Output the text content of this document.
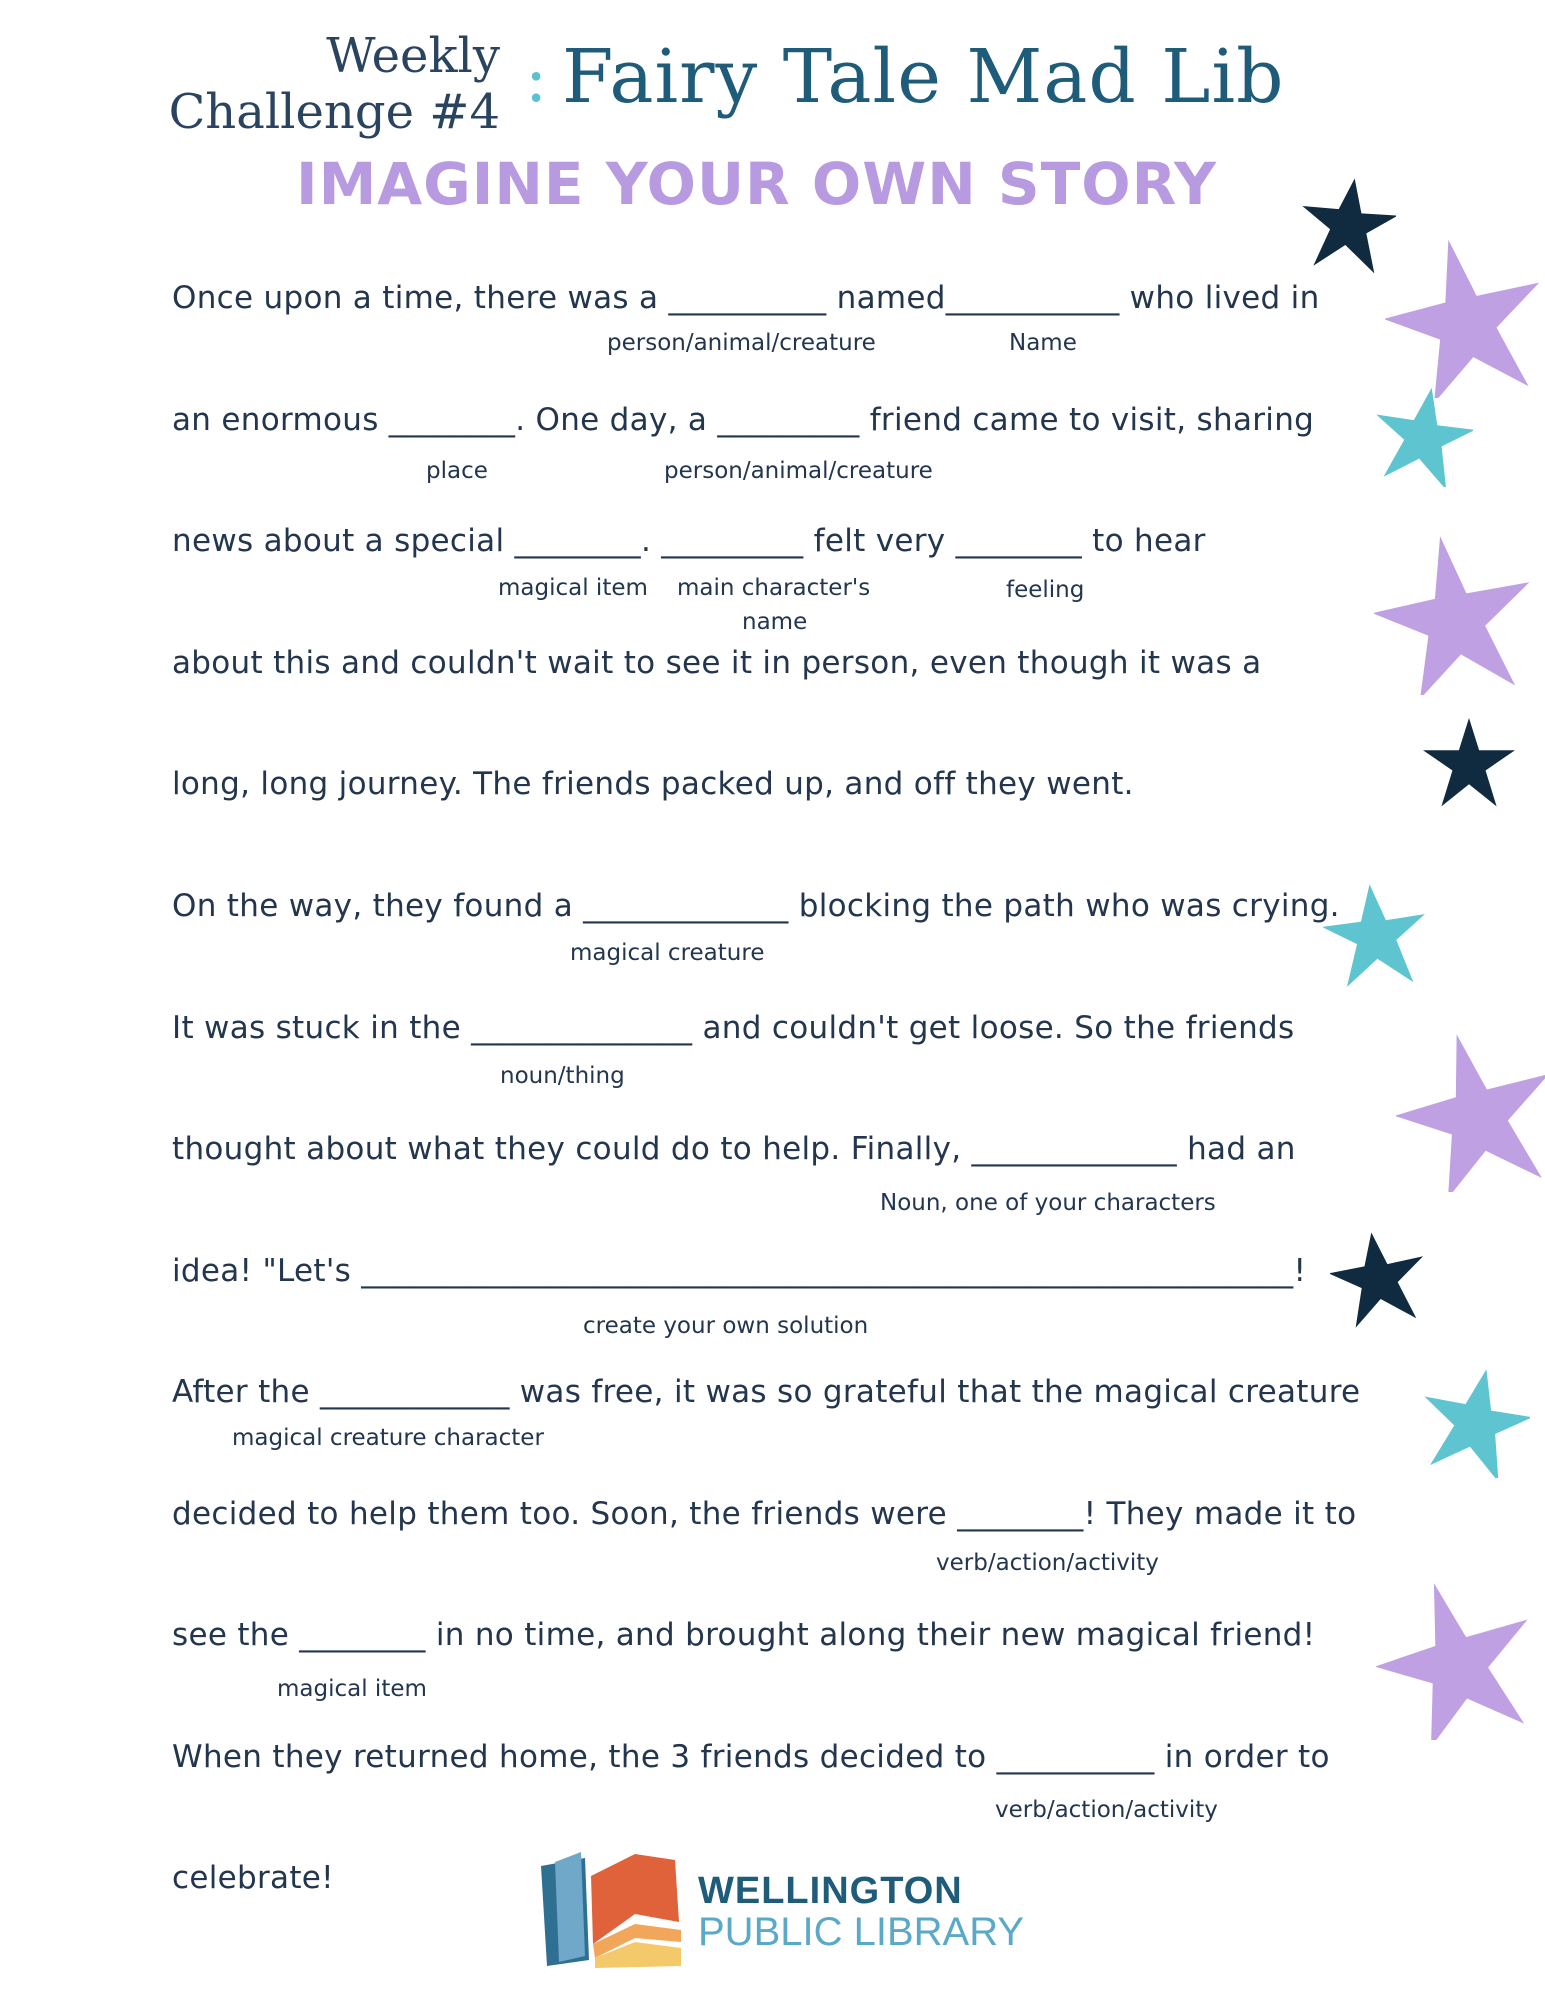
Weekly
Challenge #4 : Fairy Tale Mad Lib
IMAGINE YOUR OWN STORY
Once upon a time, there was a __________ named___________ who lived in
person/animal/creature	Name
an enormous ________. One day, a _________ friend came to visit, sharing
place	person/animal/creature
news about a special ________. _________ felt very ________ to hear
magical item main character's
name
feeling
about this and couldn't wait to see it in person, even though it was a
long, long journey. The friends packed up, and off they went.
On the way, they found a _____________ blocking the path who was crying.
magical creature
It was stuck in the ______________ and couldn't get loose. So the friends
noun/thing
thought about what they could do to help. Finally, _____________ had an
Noun, one of your characters
idea! "Let's ___________________________________________________________!
create your own solution
After the ____________ was free, it was so grateful that the magical creature
magical creature character
decided to help them too. Soon, the friends were ________! They made it to
verb/action/activity
see the ________ in no time, and brought along their new magical friend!
magical item
When they returned home, the 3 friends decided to __________ in order to
verb/action/activity
celebrate!	WELLINGTON
PUBLIC LIBRARY
